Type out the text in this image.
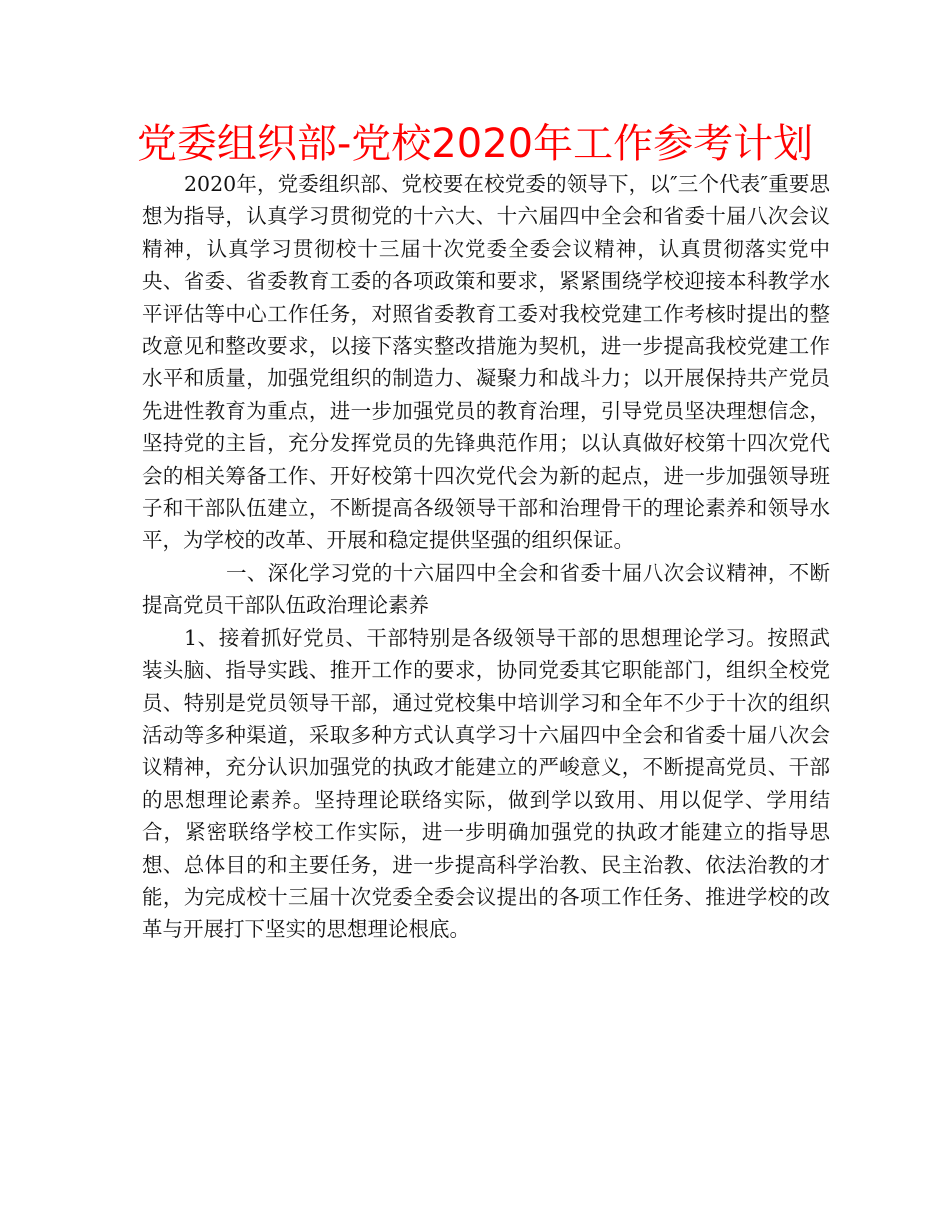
党委组织部-党校2020年工作参考计划

2020年，党委组织部、党校要在校党委的领导下，以″三个代表″重要思想为指导，认真学习贯彻党的十六大、十六届四中全会和省委十届八次会议精神，认真学习贯彻校十三届十次党委全委会议精神，认真贯彻落实党中央、省委、省委教育工委的各项政策和要求，紧紧围绕学校迎接本科教学水平评估等中心工作任务，对照省委教育工委对我校党建工作考核时提出的整改意见和整改要求，以接下落实整改措施为契机，进一步提高我校党建工作水平和质量，加强党组织的制造力、凝聚力和战斗力；以开展保持共产党员先进性教育为重点，进一步加强党员的教育治理，引导党员坚决理想信念，坚持党的主旨，充分发挥党员的先锋典范作用；以认真做好校第十四次党代会的相关筹备工作、开好校第十四次党代会为新的起点，进一步加强领导班子和干部队伍建立，不断提高各级领导干部和治理骨干的理论素养和领导水平，为学校的改革、开展和稳定提供坚强的组织保证。

一、深化学习党的十六届四中全会和省委十届八次会议精神，不断提高党员干部队伍政治理论素养

1、接着抓好党员、干部特别是各级领导干部的思想理论学习。按照武装头脑、指导实践、推开工作的要求，协同党委其它职能部门，组织全校党员、特别是党员领导干部，通过党校集中培训学习和全年不少于十次的组织活动等多种渠道，采取多种方式认真学习十六届四中全会和省委十届八次会议精神，充分认识加强党的执政才能建立的严峻意义，不断提高党员、干部的思想理论素养。坚持理论联络实际，做到学以致用、用以促学、学用结合，紧密联络学校工作实际，进一步明确加强党的执政才能建立的指导思想、总体目的和主要任务，进一步提高科学治教、民主治教、依法治教的才能，为完成校十三届十次党委全委会议提出的各项工作任务、推进学校的改革与开展打下坚实的思想理论根底。
